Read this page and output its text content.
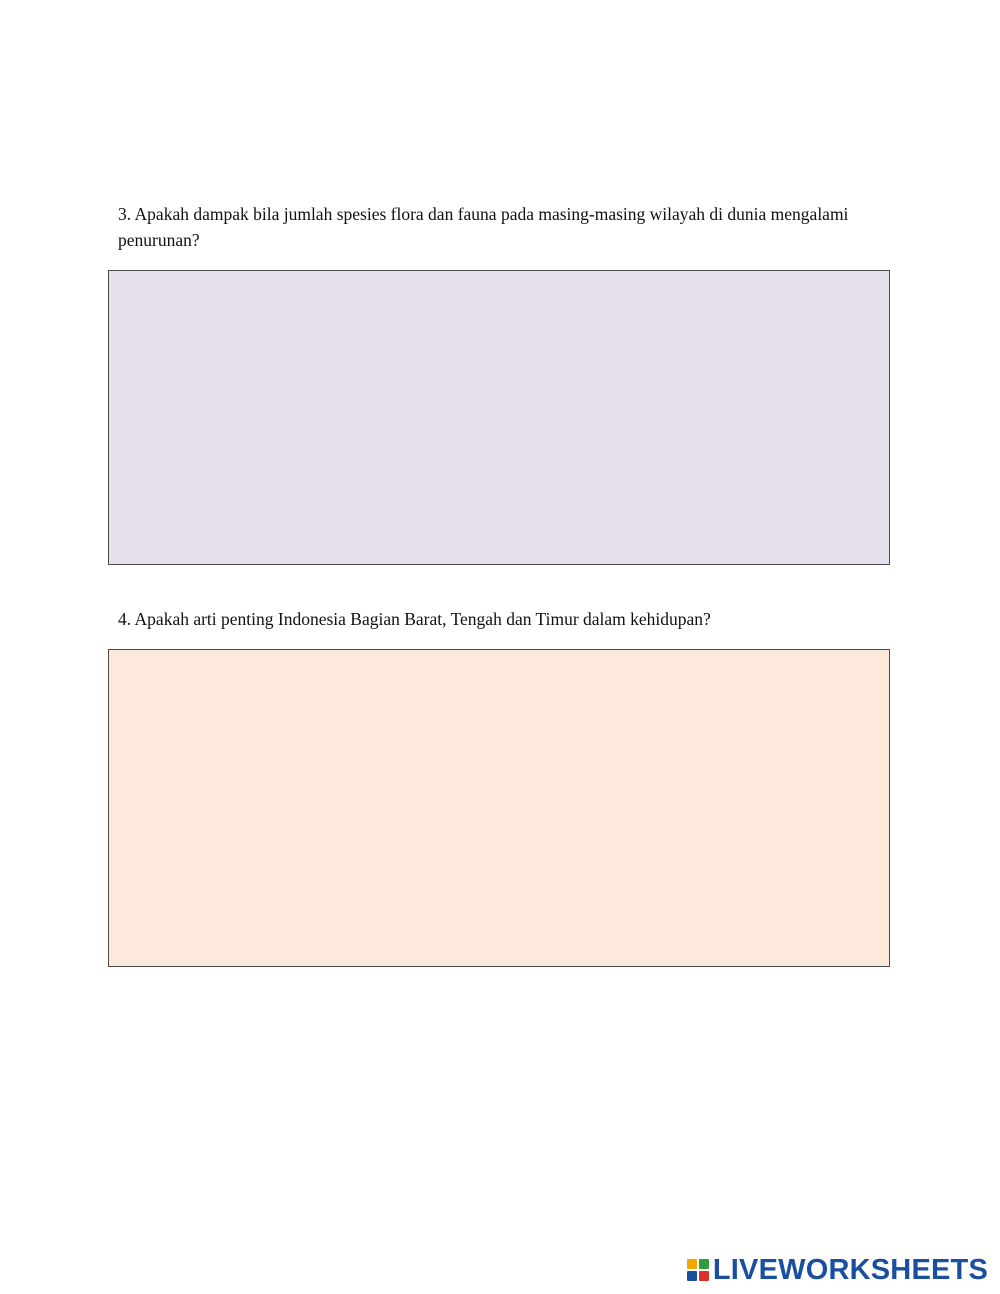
3. Apakah dampak bila jumlah spesies flora dan fauna pada masing-masing wilayah di dunia mengalami penurunan?

4. Apakah arti penting Indonesia Bagian Barat, Tengah dan Timur dalam kehidupan?

LIVEWORKSHEETS
